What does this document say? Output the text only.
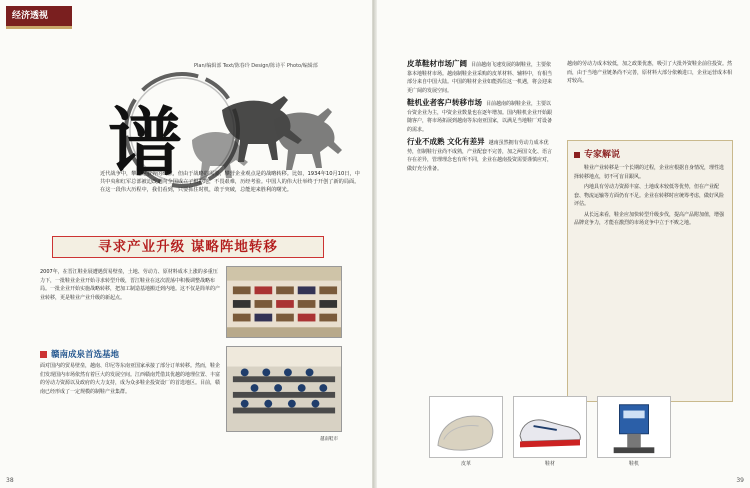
经济透视
Plan/编辑部 Text/陈春玲 Design/陈诗平 Photo/编辑部
谱
近代战争中，攀地是我奔的终点，但由于战略的需要，攀营企业观点是的战略转移。比如，1934年10月10日，中共中央和红军总部被迫改道向全国成立了根据地，不畏艰难，历经考验。中国人的伟大壮举终于开创了新的局面。在这一段伟大历程中，我们看到，只要抓住时机，敢于突破，总能迎来胜利的曙光。
寻求产业升级 谋略阵地转移
2007年，在晋江鞋业展遭遇贸易壁垒，土地、劳动力、原材料成本上涨的多重压力下，一批鞋业企业开始寻求转型升级，晋江鞋业在这次震荡中积极调整战略布局。一批企业开始实施战略转移，把加工制造基地搬迁到内地。这不仅是简单的产业转移，更是鞋业产业升级的新起点。
赣南成泉首选基地
面对国内的贸易壁垒，越南、印尼等东南亚国家承接了部分订单转移。然而，鞋企们发现国内市场依然有着巨大的发展空间。江西赣南凭借其优越的地理位置、丰富的劳动力资源以及政府的大力支持，成为众多鞋企投资设厂的首选地区。目前，赣南已经形成了一定规模的制鞋产业集群。
越南鞋市
38
皮革鞋材市场广阔 目前越南飞速发展的制鞋业，主要依靠本地鞋材市场。越南制鞋企业采购的皮革材料、辅料中，有相当部分来自中国大陆。中国的鞋材企业如能抓住这一机遇，将会迎来更广阔的发展空间。
鞋机业者客户转移市场 目前越南的制鞋企业，主要以台资企业为主，中资企业数量也在逐年增加。国内鞋机企业开始跟随客户，将市场拓展到越南等东南亚国家，以满足当地鞋厂对设备的需求。
行业不成熟 文化有差异 越南虽然拥有劳动力成本优势，但制鞋行业尚不成熟，产业配套不完善，加之两国文化、语言存在差异，管理理念也有所不同，企业在越南投资需要谨慎应对，做好充分准备。
越南的劳动力成本较低，加之政策优惠，吸引了大批外资鞋企前往投资。然而，由于当地产业链条尚不完善，原材料大部分依赖进口，企业运营成本相对较高。
专家解说

鞋业产业转移是一个长期的过程，企业应根据自身情况，理性选择转移地点，切不可盲目跟风。

内地具有劳动力资源丰富、土地成本较低等优势，但在产业配套、物流运输等方面仍有不足。企业在转移时应统筹考虑，做好风险评估。

从长远来看，鞋企应加快转型升级步伐，提高产品附加值，增强品牌竞争力，才能在激烈的市场竞争中立于不败之地。

皮革	鞋材	鞋机
39
